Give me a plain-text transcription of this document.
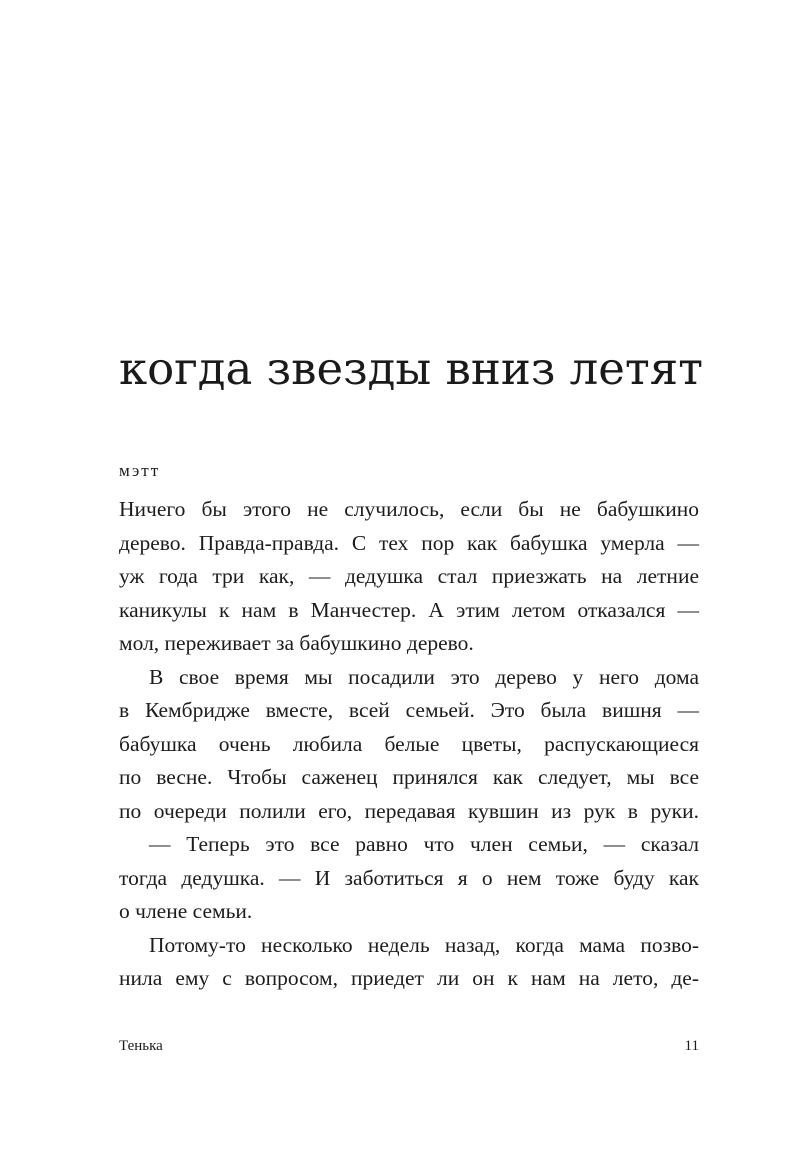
когда звезды вниз летят
мэтт
Ничего бы этого не случилось, если бы не бабушкино
дерево. Правда-правда. С тех пор как бабушка умерла —
уж года три как, — дедушка стал приезжать на летние
каникулы к нам в Манчестер. А этим летом отказался —
мол, переживает за бабушкино дерево.
В свое время мы посадили это дерево у него дома
в Кембридже вместе, всей семьей. Это была вишня —
бабушка очень любила белые цветы, распускающиеся
по весне. Чтобы саженец принялся как следует, мы все
по очереди полили его, передавая кувшин из рук в руки.
— Теперь это все равно что член семьи, — сказал
тогда дедушка. — И заботиться я о нем тоже буду как
о члене семьи.
Потому-то несколько недель назад, когда мама позво-
нила ему с вопросом, приедет ли он к нам на лето, де-
Тенька	11
